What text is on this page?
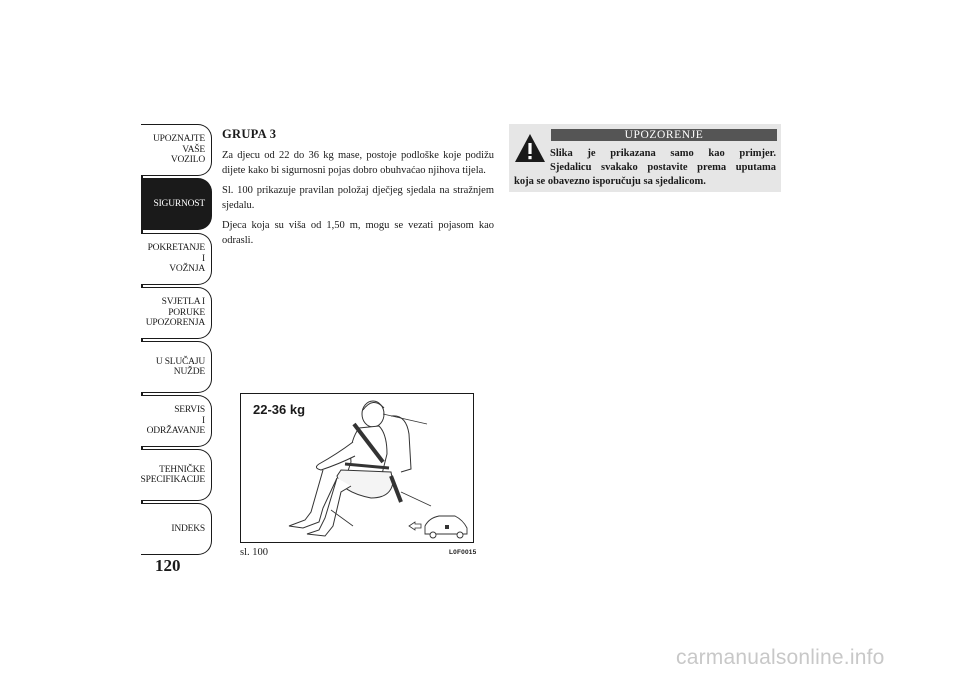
UPOZNAJTE
VAŠE
VOZILO
SIGURNOST
POKRETANJE
I
VOŽNJA
SVJETLA I
PORUKE
UPOZORENJA
U SLUČAJU
NUŽDE
SERVIS
I
ODRŽAVANJE
TEHNIČKE
SPECIFIKACIJE
INDEKS
120
GRUPA 3

Za djecu od 22 do 36 kg mase, postoje podloške koje podižu dijete kako bi sigurnosni pojas dobro obuhvaćao njihova tijela.

Sl. 100 prikazuje pravilan položaj dječjeg sjedala na stražnjem sjedalu.

Djeca koja su viša od 1,50 m, mogu se vezati pojasom kao odrasli.

22-36 kg
sl. 100	L0F0015
UPOZORENJE
Slika je prikazana samo kao primjer.
Sjedalicu svakako postavite prema uputama
koja se obavezno isporučuju sa sjedalicom.
carmanualsonline.info
